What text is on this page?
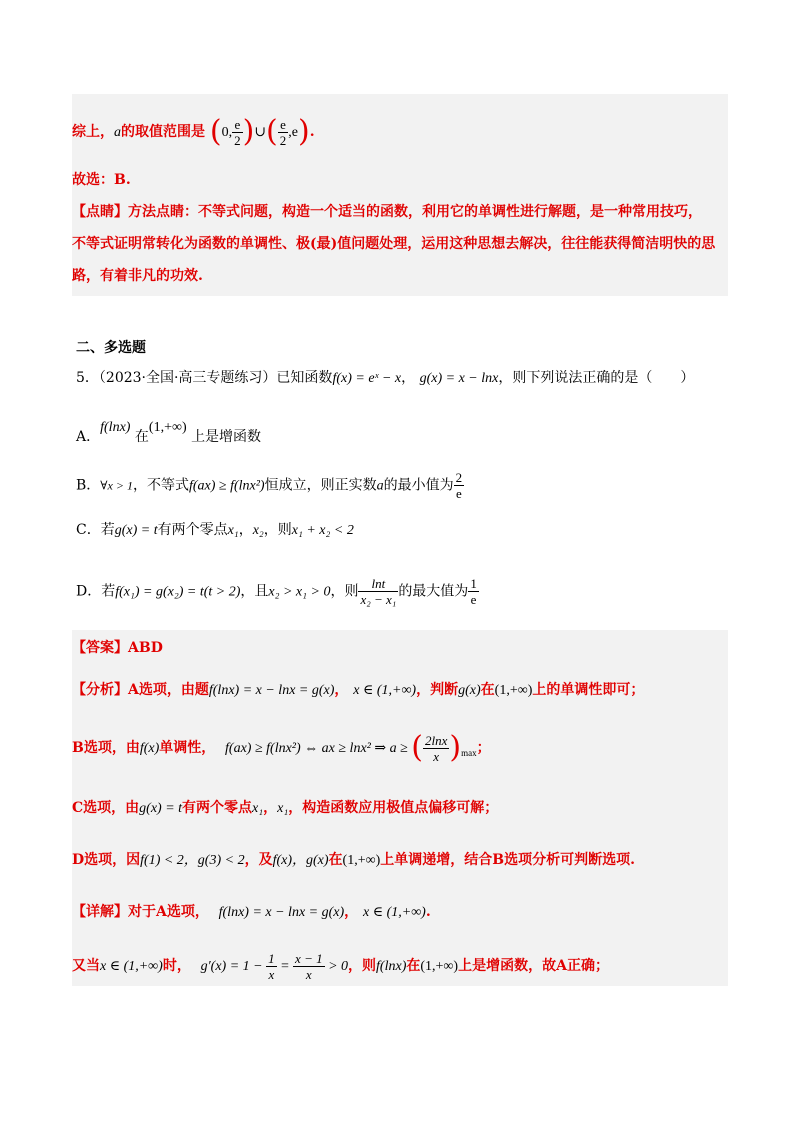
综上，a的取值范围是 (0, $\frac{e}{2}$ )∪( $\frac{e}{2} ,e$).
故选：B.
【点睛】方法点睛：不等式问题，构造一个适当的函数，利用它的单调性进行解题，是一种常用技巧，
不等式证明常转化为函数的单调性、极(最)值问题处理，运用这种思想去解决，往往能获得简洁明快的思
路，有着非凡的功效.
二、多选题
5．（2023·全国·高三专题练习）已知函数f(x) = eˣ − x， g(x) = x − lnx，则下列说法正确的是（　　）
A．f(lnx) 在(1,+∞) 上是增函数
B．∀x > 1，不等式f(ax) ≥ f(lnx²)恒成立，则正实数a的最小值为 $\frac{2}{e}$
C．若g(x) = t有两个零点x₁，x₂，则x₁ + x₂ < 2
D．若f(x₁) = g(x₂) = t(t > 2)，且x₂ > x₁ > 0，则 $\frac{\ln t}{\text{x₂ − x₁}}$ 的最大值为 $\frac{1}{e}$
【答案】ABD
【分析】A选项，由题f(lnx) = x − lnx = g(x)， x ∈ (1,+∞)，判断g(x)在(1,+∞)上的单调性即可；
B选项，由f(x)单调性， f(ax) ≥ f(lnx²) ⇔ ax ≥ lnx² ⇒ a ≥ ( $\frac{2\ln x}{x} )_{max}$；
C选项，由g(x) = t有两个零点x₁，x₁，构造函数应用极值点偏移可解；
D选项，因f(1) < 2，g(3) < 2，及f(x)，g(x)在(1,+∞)上单调递增，结合B选项分析可判断选项.
【详解】对于A选项， f(lnx) = x − lnx = g(x)， x ∈ (1,+∞).
又当x ∈ (1,+∞)时， $g'(x) = 1 - \frac{1}{x} = \frac{x - 1}{x} > 0$，则f(lnx)在(1,+∞)上是增函数，故A正确；
